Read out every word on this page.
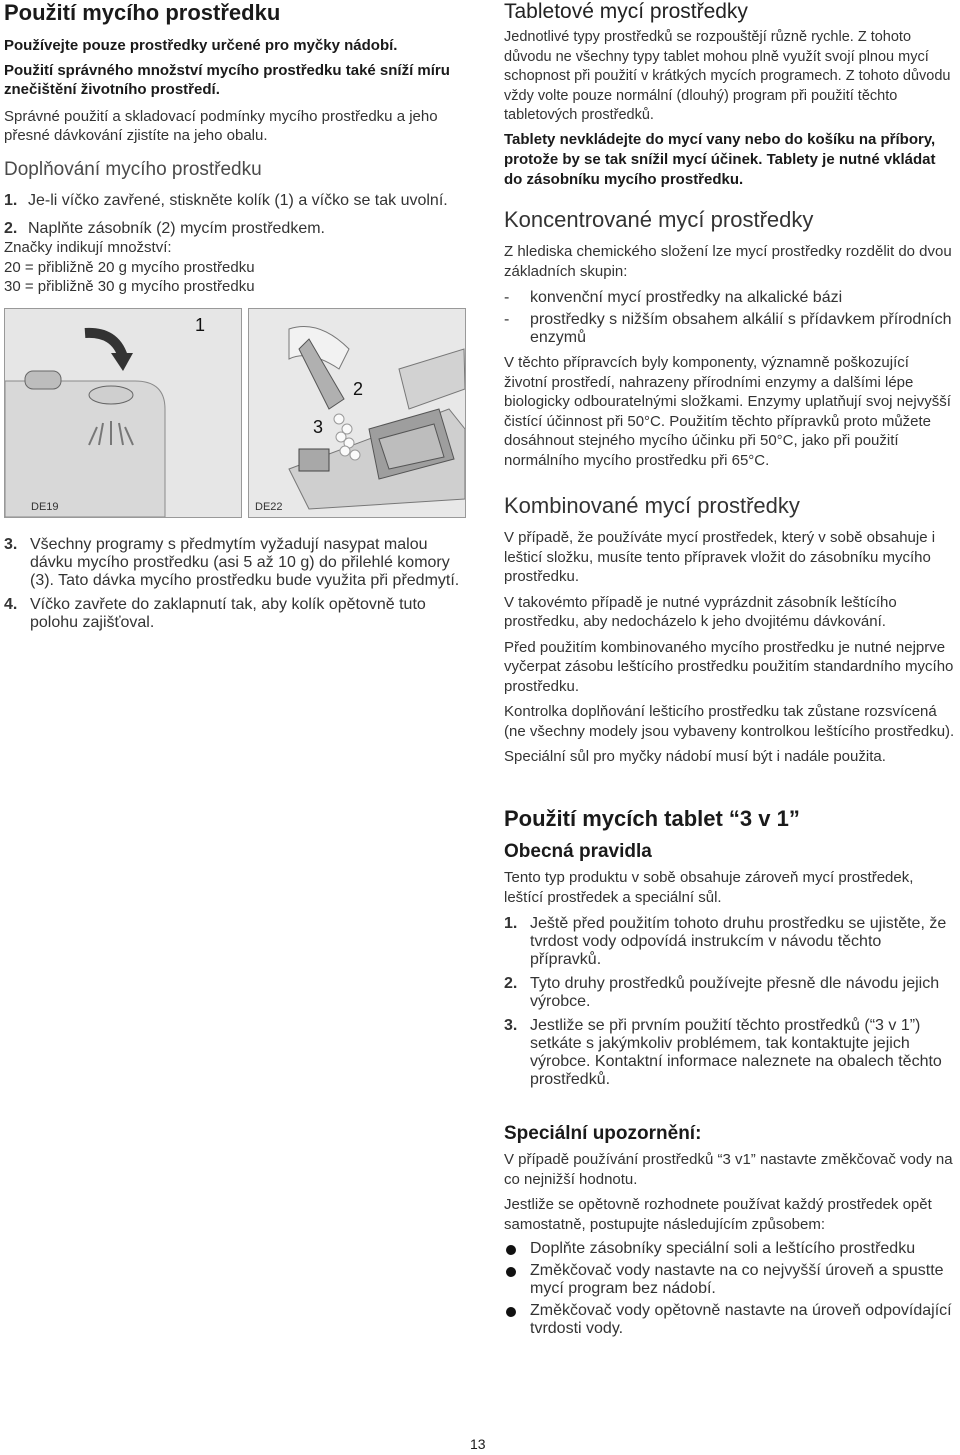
Použití mycího prostředku

Používejte pouze prostředky určené pro myčky nádobí.

Použití správného množství mycího prostředku také sníží míru znečištění životního prostředí.

Správné použití a skladovací podmínky mycího prostředku a jeho přesné dávkování zjistíte na jeho obalu.

Doplňování mycího prostředku
1. Je-li víčko zavřené, stiskněte kolík (1) a víčko se tak uvolní.
2. Naplňte zásobník (2) mycím prostředkem.

Značky indikují množství:

20 = přibližně 20 g mycího prostředku

30 = přibližně 30 g mycího prostředku

1
DE19
2
3
DE22
3. Všechny programy s předmytím vyžadují nasypat malou dávku mycího prostředku (asi 5 až 10 g) do přilehlé komory (3). Tato dávka mycího prostředku bude využita při předmytí.
4. Víčko zavřete do zaklapnutí tak, aby kolík opětovně tuto polohu zajišťoval.
Tabletové mycí prostředky

Jednotlivé typy prostředků se rozpouštějí různě rychle. Z tohoto důvodu ne všechny typy tablet mohou plně využít svojí plnou mycí schopnost při použití v krátkých mycích programech. Z tohoto důvodu vždy volte pouze normální (dlouhý) program při použití těchto tabletových prostředků.

Tablety nevkládejte do mycí vany nebo do košíku na příbory, protože by se tak snížil mycí účinek. Tablety je nutné vkládat do zásobníku mycího prostředku.

Koncentrované mycí prostředky

Z hlediska chemického složení lze mycí prostředky rozdělit do dvou základních skupin:

- konvenční mycí prostředky na alkalické bázi
- prostředky s nižším obsahem alkálií s přídavkem přírodních enzymů

V těchto přípravcích byly komponenty, významně poškozující životní prostředí, nahrazeny přírodními enzymy a dalšími lépe biologicky odbouratelnými složkami. Enzymy uplatňují svoj nejvyšší čistící účinnost při 50°C. Použitím těchto přípravků proto můžete dosáhnout stejného mycího účinku při 50°C, jako při použití normálního mycího prostředku při 65°C.

Kombinované mycí prostředky

V případě, že používáte mycí prostředek, který v sobě obsahuje i lešticí složku, musíte tento přípravek vložit do zásobníku mycího prostředku.

V takovémto případě je nutné vyprázdnit zásobník leštícího prostředku, aby nedocházelo k jeho dvojitému dávkování.

Před použitím kombinovaného mycího prostředku je nutné nejprve vyčerpat zásobu leštícího prostředku použitím standardního mycího prostředku.

Kontrolka doplňování lešticího prostředku tak zůstane rozsvícená (ne všechny modely jsou vybaveny kontrolkou leštícího prostředku).

Speciální sůl pro myčky nádobí musí být i nadále použita.

Použití mycích tablet “3 v 1”
Obecná pravidla

Tento typ produktu v sobě obsahuje zároveň mycí prostředek, leštící prostředek a speciální sůl.

1. Ještě před použitím tohoto druhu prostředku se ujistěte, že tvrdost vody odpovídá instrukcím v návodu těchto přípravků.
2. Tyto druhy prostředků používejte přesně dle návodu jejich výrobce.
3. Jestliže se při prvním použití těchto prostředků (“3 v 1”) setkáte s jakýmkoliv problémem, tak kontaktujte jejich výrobce. Kontaktní informace naleznete na obalech těchto prostředků.
Speciální upozornění:

V případě používání prostředků “3 v1” nastavte změkčovač vody na co nejnižší hodnotu.

Jestliže se opětovně rozhodnete používat každý prostředek opět samostatně, postupujte následujícím způsobem:

Doplňte zásobníky speciální soli a leštícího prostředku
Změkčovač vody nastavte na co nejvyšší úroveň a spustte mycí program bez nádobí.
Změkčovač vody opětovně nastavte na úroveň odpovídající tvrdosti vody.
13
